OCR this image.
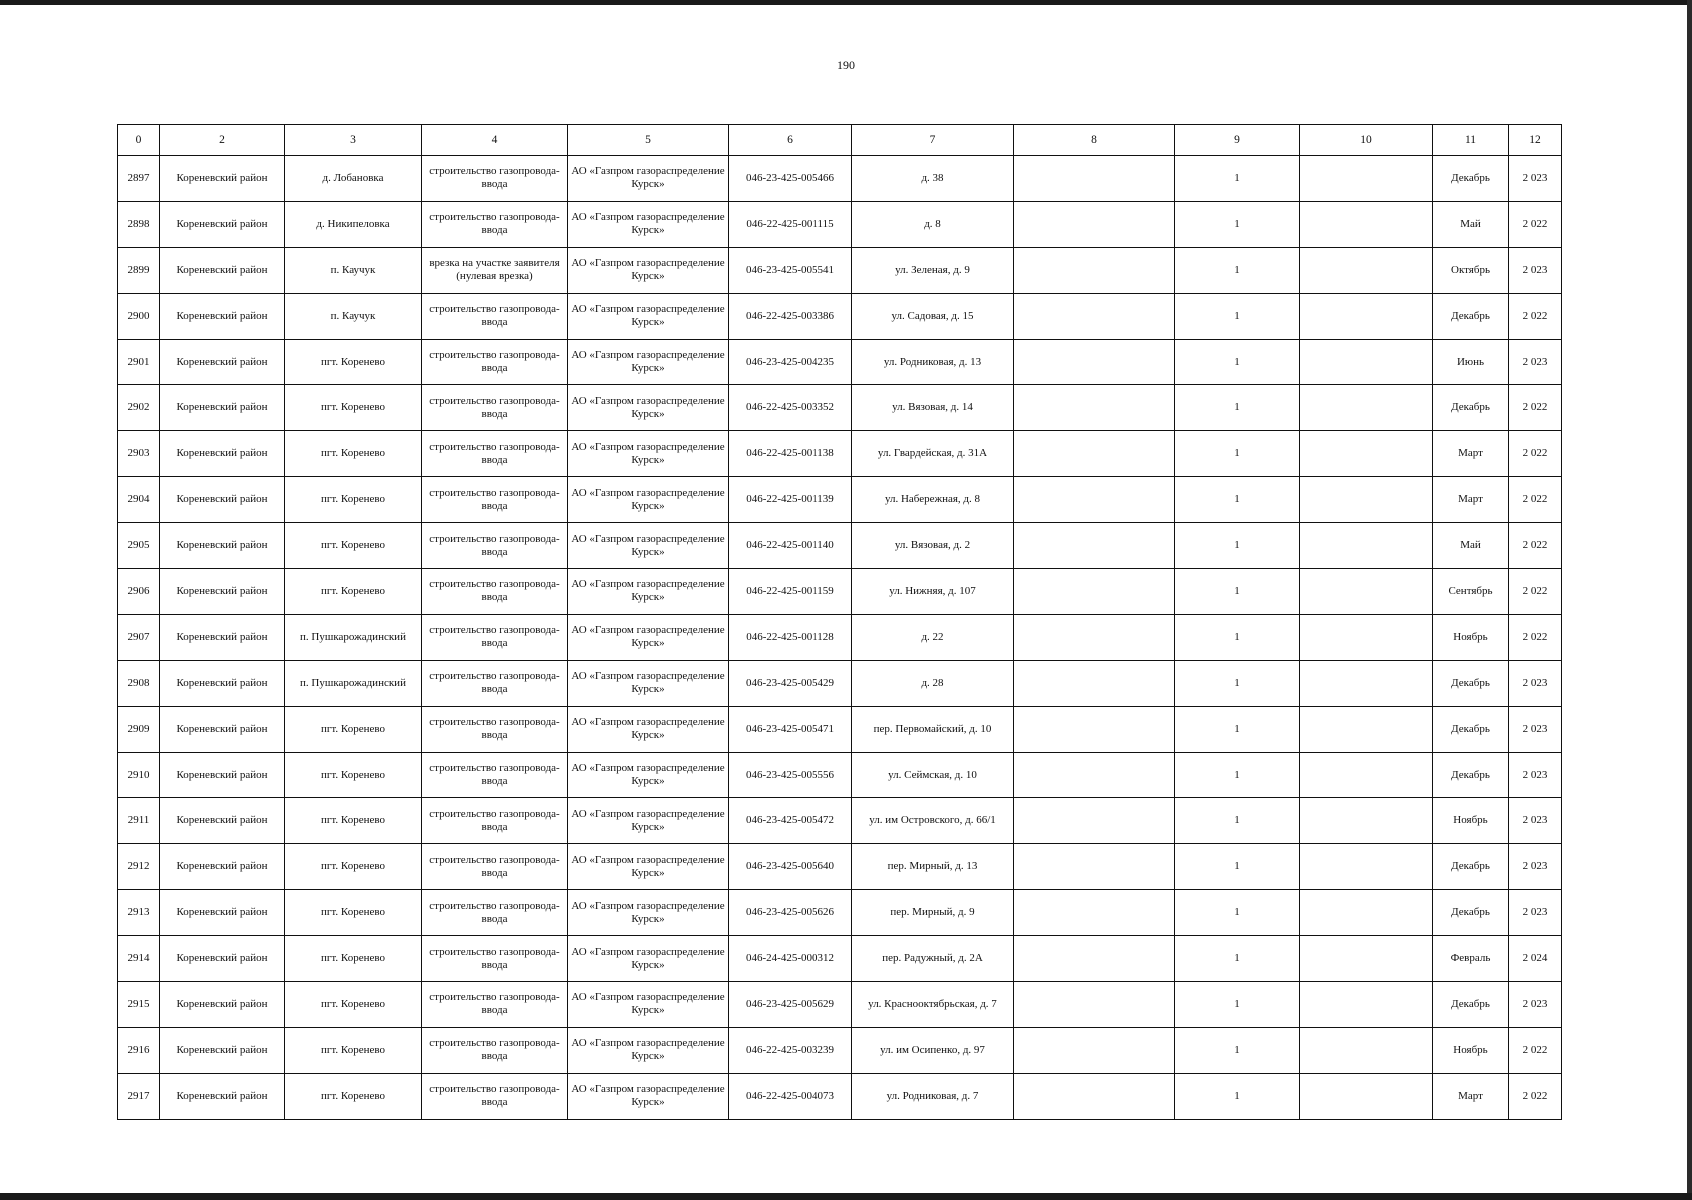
190
0	2	3	4	5	6	7	8	9	10	11	12
2897	Кореневский район	д. Лобановка	строительство газопровода-ввода	АО «Газпром газораспределение Курск»	046-23-425-005466	д. 38		1		Декабрь	2 023
2898	Кореневский район	д. Никипеловка	строительство газопровода-ввода	АО «Газпром газораспределение Курск»	046-22-425-001115	д. 8		1		Май	2 022
2899	Кореневский район	п. Каучук	врезка на участке заявителя (нулевая врезка)	АО «Газпром газораспределение Курск»	046-23-425-005541	ул. Зеленая, д. 9		1		Октябрь	2 023
2900	Кореневский район	п. Каучук	строительство газопровода-ввода	АО «Газпром газораспределение Курск»	046-22-425-003386	ул. Садовая, д. 15		1		Декабрь	2 022
2901	Кореневский район	пгт. Коренево	строительство газопровода-ввода	АО «Газпром газораспределение Курск»	046-23-425-004235	ул. Родниковая, д. 13		1		Июнь	2 023
2902	Кореневский район	пгт. Коренево	строительство газопровода-ввода	АО «Газпром газораспределение Курск»	046-22-425-003352	ул. Вязовая, д. 14		1		Декабрь	2 022
2903	Кореневский район	пгт. Коренево	строительство газопровода-ввода	АО «Газпром газораспределение Курск»	046-22-425-001138	ул. Гвардейская, д. 31А		1		Март	2 022
2904	Кореневский район	пгт. Коренево	строительство газопровода-ввода	АО «Газпром газораспределение Курск»	046-22-425-001139	ул. Набережная, д. 8		1		Март	2 022
2905	Кореневский район	пгт. Коренево	строительство газопровода-ввода	АО «Газпром газораспределение Курск»	046-22-425-001140	ул. Вязовая, д. 2		1		Май	2 022
2906	Кореневский район	пгт. Коренево	строительство газопровода-ввода	АО «Газпром газораспределение Курск»	046-22-425-001159	ул. Нижняя, д. 107		1		Сентябрь	2 022
2907	Кореневский район	п. Пушкарожадинский	строительство газопровода-ввода	АО «Газпром газораспределение Курск»	046-22-425-001128	д. 22		1		Ноябрь	2 022
2908	Кореневский район	п. Пушкарожадинский	строительство газопровода-ввода	АО «Газпром газораспределение Курск»	046-23-425-005429	д. 28		1		Декабрь	2 023
2909	Кореневский район	пгт. Коренево	строительство газопровода-ввода	АО «Газпром газораспределение Курск»	046-23-425-005471	пер. Первомайский, д. 10		1		Декабрь	2 023
2910	Кореневский район	пгт. Коренево	строительство газопровода-ввода	АО «Газпром газораспределение Курск»	046-23-425-005556	ул. Сеймская, д. 10		1		Декабрь	2 023
2911	Кореневский район	пгт. Коренево	строительство газопровода-ввода	АО «Газпром газораспределение Курск»	046-23-425-005472	ул. им Островского, д. 66/1		1		Ноябрь	2 023
2912	Кореневский район	пгт. Коренево	строительство газопровода-ввода	АО «Газпром газораспределение Курск»	046-23-425-005640	пер. Мирный, д. 13		1		Декабрь	2 023
2913	Кореневский район	пгт. Коренево	строительство газопровода-ввода	АО «Газпром газораспределение Курск»	046-23-425-005626	пер. Мирный, д. 9		1		Декабрь	2 023
2914	Кореневский район	пгт. Коренево	строительство газопровода-ввода	АО «Газпром газораспределение Курск»	046-24-425-000312	пер. Радужный, д. 2А		1		Февраль	2 024
2915	Кореневский район	пгт. Коренево	строительство газопровода-ввода	АО «Газпром газораспределение Курск»	046-23-425-005629	ул. Краснооктябрьская, д. 7		1		Декабрь	2 023
2916	Кореневский район	пгт. Коренево	строительство газопровода-ввода	АО «Газпром газораспределение Курск»	046-22-425-003239	ул. им Осипенко, д. 97		1		Ноябрь	2 022
2917	Кореневский район	пгт. Коренево	строительство газопровода-ввода	АО «Газпром газораспределение Курск»	046-22-425-004073	ул. Родниковая, д. 7		1		Март	2 022
